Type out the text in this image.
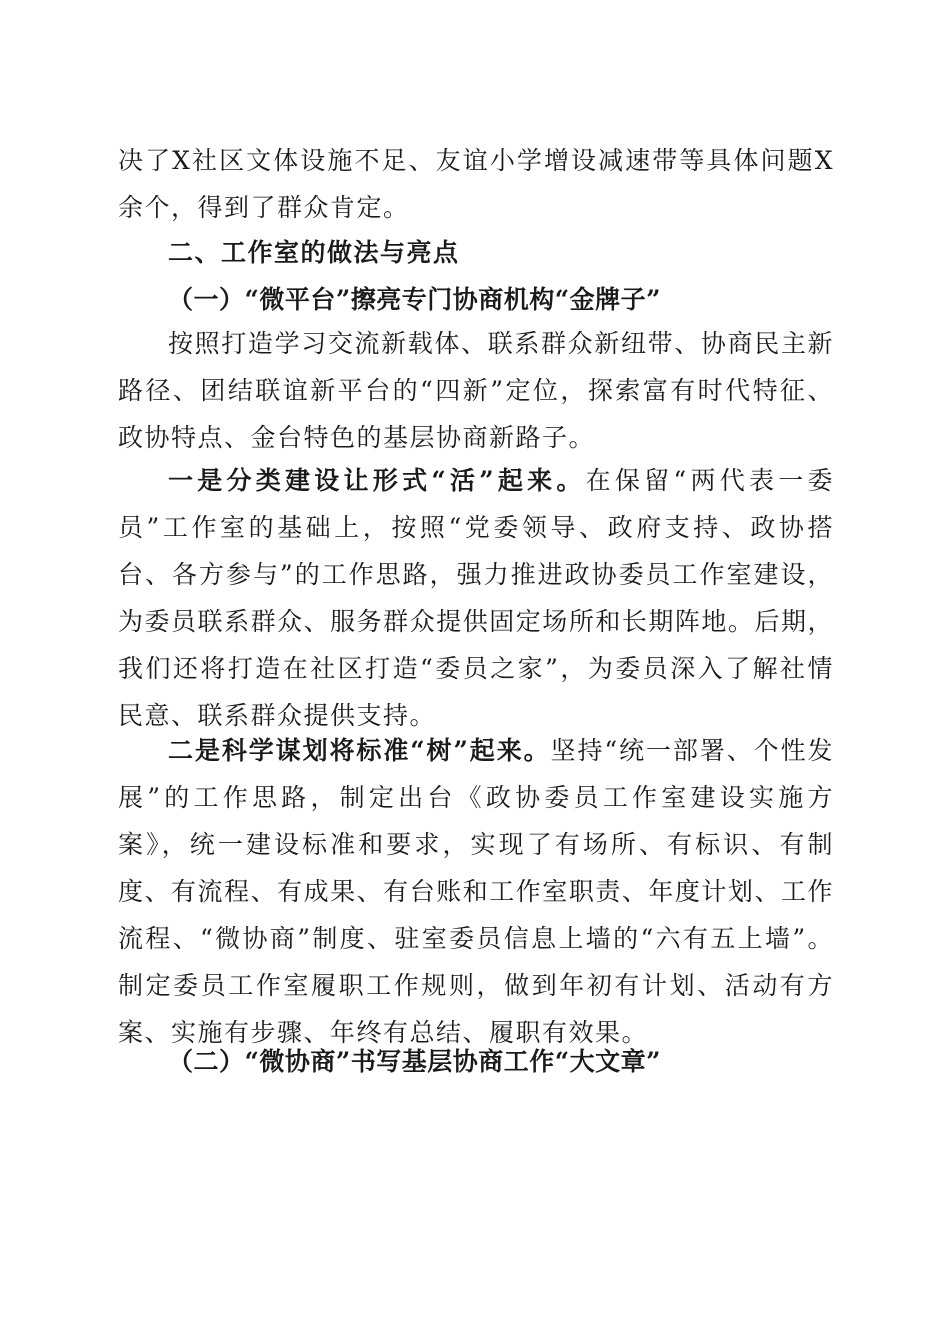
决了X社区文体设施不足、友谊小学增设减速带等具体问题X余个，得到了群众肯定。

二、工作室的做法与亮点

（一）“微平台”擦亮专门协商机构“金牌子”

按照打造学习交流新载体、联系群众新纽带、协商民主新路径、团结联谊新平台的“四新”定位，探索富有时代特征、政协特点、金台特色的基层协商新路子。

一是分类建设让形式“活”起来。在保留“两代表一委员”工作室的基础上，按照“党委领导、政府支持、政协搭台、各方参与”的工作思路，强力推进政协委员工作室建设，为委员联系群众、服务群众提供固定场所和长期阵地。后期，我们还将打造在社区打造“委员之家”，为委员深入了解社情民意、联系群众提供支持。

二是科学谋划将标准“树”起来。坚持“统一部署、个性发展”的工作思路，制定出台《政协委员工作室建设实施方案》，统一建设标准和要求，实现了有场所、有标识、有制度、有流程、有成果、有台账和工作室职责、年度计划、工作流程、“微协商”制度、驻室委员信息上墙的“六有五上墙”。制定委员工作室履职工作规则，做到年初有计划、活动有方案、实施有步骤、年终有总结、履职有效果。

（二）“微协商”书写基层协商工作“大文章”
